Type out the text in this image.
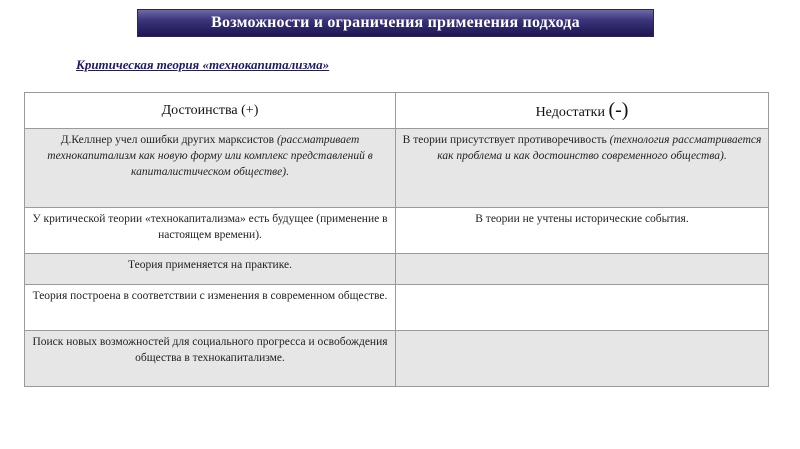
Возможности и ограничения применения подхода
Критическая теория «технокапитализма»
Достоинства (+)	Недостатки (-)
Д.Келлнер учел ошибки других марксистов (рассматривает технокапитализм как новую форму или комплекс представлений в капиталистическом обществе).	В теории присутствует противоречивость (технология рассматривается как проблема и как достоинство современного общества).
У критической теории «технокапитализма» есть будущее (применение в настоящем времени).	В теории не учтены исторические события.
Теория применяется на практике.	
Теория построена в соответствии с изменения в современном обществе.	
Поиск новых возможностей для социального прогресса и освобождения общества в технокапитализме.	
